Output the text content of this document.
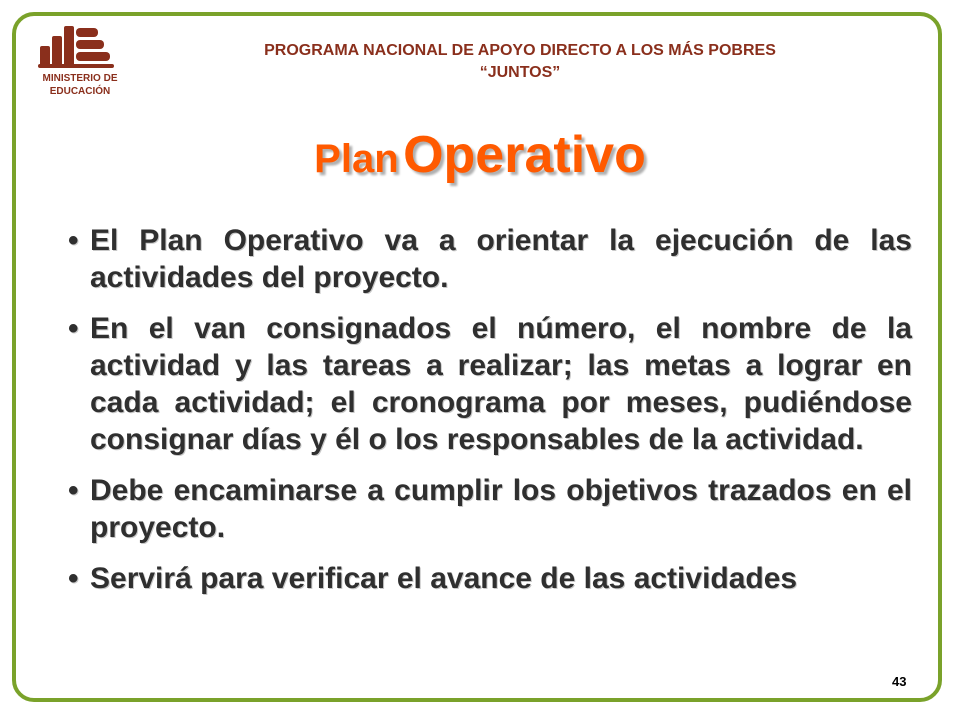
MINISTERIO DE
EDUCACIÓN
PROGRAMA NACIONAL DE APOYO DIRECTO A LOS MÁS POBRES
“JUNTOS”
Plan Operativo
• El Plan Operativo va a orientar la ejecución de las actividades del proyecto.
• En el van consignados el número, el nombre de la actividad y las tareas a realizar; las metas a lograr en cada actividad; el cronograma por meses, pudiéndose consignar días y él o los responsables de la actividad.
• Debe encaminarse a cumplir los objetivos trazados en el proyecto.
• Servirá para verificar el avance de las actividades
43
